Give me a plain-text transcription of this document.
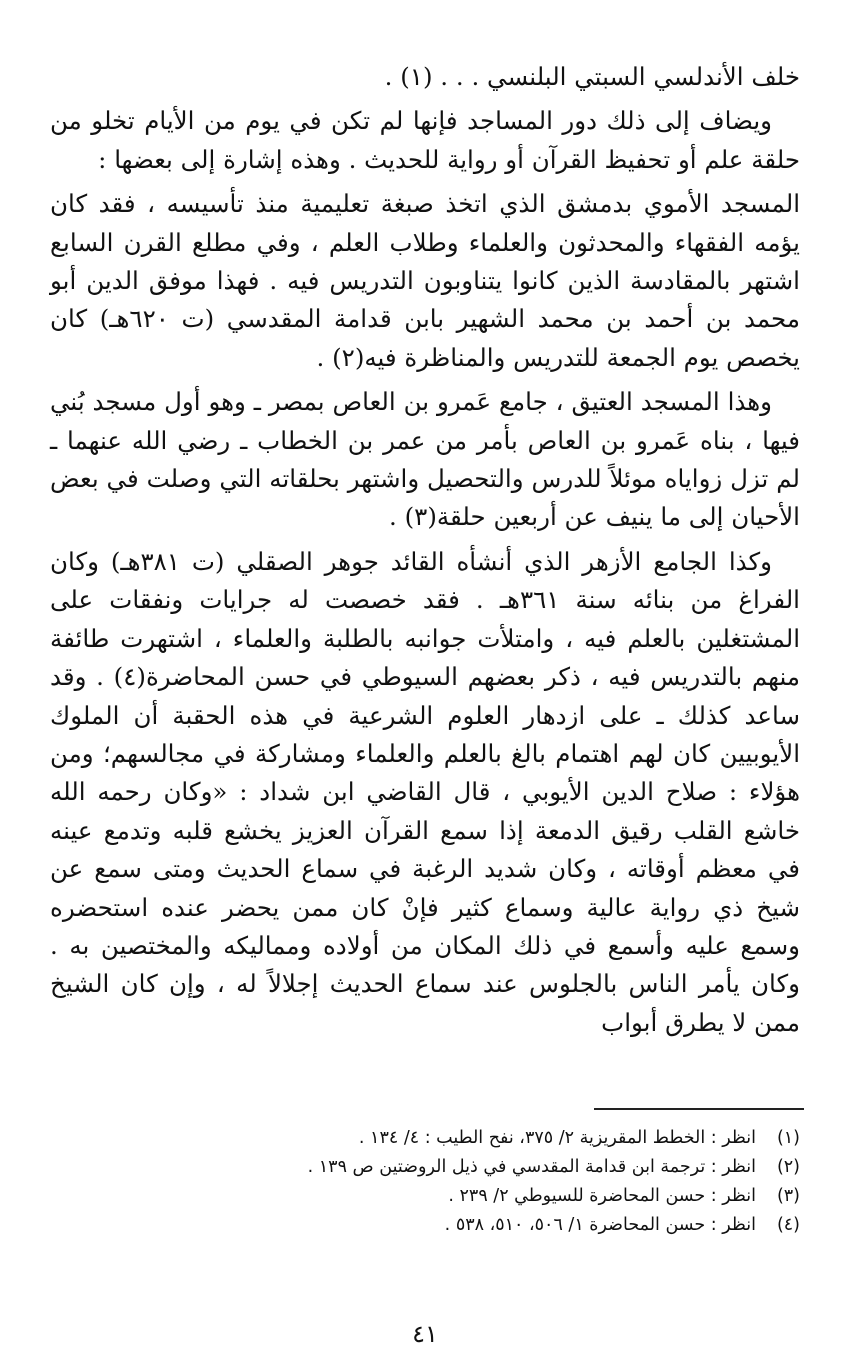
خلف الأندلسي السبتي البلنسي . . . (١) .

ويضاف إلى ذلك دور المساجد فإنها لم تكن في يوم من الأيام تخلو من حلقة علم أو تحفيظ القرآن أو رواية للحديث . وهذه إشارة إلى بعضها :

المسجد الأموي بدمشق الذي اتخذ صبغة تعليمية منذ تأسيسه ، فقد كان يؤمه الفقهاء والمحدثون والعلماء وطلاب العلم ، وفي مطلع القرن السابع اشتهر بالمقادسة الذين كانوا يتناوبون التدريس فيه . فهذا موفق الدين أبو محمد بن أحمد بن محمد الشهير بابن قدامة المقدسي (ت ٦٢٠هـ) كان يخصص يوم الجمعة للتدريس والمناظرة فيه(٢) .

وهذا المسجد العتيق ، جامع عَمرو بن العاص بمصر ـ وهو أول مسجد بُني فيها ، بناه عَمرو بن العاص بأمر من عمر بن الخطاب ـ رضي الله عنهما ـ لم تزل زواياه موئلاً للدرس والتحصيل واشتهر بحلقاته التي وصلت في بعض الأحيان إلى ما ينيف عن أربعين حلقة(٣) .

وكذا الجامع الأزهر الذي أنشأه القائد جوهر الصقلي (ت ٣٨١هـ) وكان الفراغ من بنائه سنة ٣٦١هـ . فقد خصصت له جرايات ونفقات على المشتغلين بالعلم فيه ، وامتلأت جوانبه بالطلبة والعلماء ، اشتهرت طائفة منهم بالتدريس فيه ، ذكر بعضهم السيوطي في حسن المحاضرة(٤) . وقد ساعد كذلك ـ على ازدهار العلوم الشرعية في هذه الحقبة أن الملوك الأيوبيين كان لهم اهتمام بالغ بالعلم والعلماء ومشاركة في مجالسهم؛ ومن هؤلاء : صلاح الدين الأيوبي ، قال القاضي ابن شداد : «وكان رحمه الله خاشع القلب رقيق الدمعة إذا سمع القرآن العزيز يخشع قلبه وتدمع عينه في معظم أوقاته ، وكان شديد الرغبة في سماع الحديث ومتى سمع عن شيخ ذي رواية عالية وسماع كثير فإنْ كان ممن يحضر عنده استحضره وسمع عليه وأسمع في ذلك المكان من أولاده ومماليكه والمختصين به . وكان يأمر الناس بالجلوس عند سماع الحديث إجلالاً له ، وإن كان الشيخ ممن لا يطرق أبواب

(١)
انظر : الخطط المقريزية ٢/ ٣٧٥، نفح الطيب : ٤/ ١٣٤ .
(٢)
انظر : ترجمة ابن قدامة المقدسي في ذيل الروضتين ص ١٣٩ .
(٣)
انظر : حسن المحاضرة للسيوطي ٢/ ٢٣٩ .
(٤)
انظر : حسن المحاضرة ١/ ٥٠٦، ٥١٠، ٥٣٨ .
٤١
